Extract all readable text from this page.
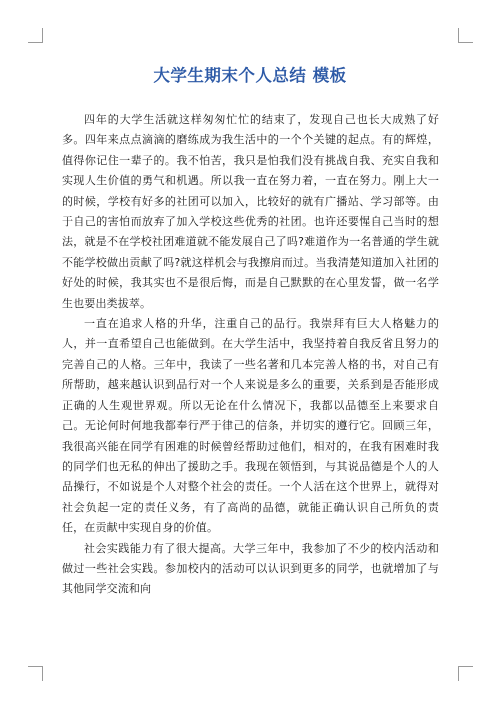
大学生期末个人总结 模板

四年的大学生活就这样匆匆忙忙的结束了，发现自己也长大成熟了好多。四年来点点滴滴的磨练成为我生活中的一个个关键的起点。有的辉煌，值得你记住一辈子的。我不怕苦，我只是怕我们没有挑战自我、充实自我和实现人生价值的勇气和机遇。所以我一直在努力着，一直在努力。刚上大一的时候，学校有好多的社团可以加入，比较好的就有广播站、学习部等。由于自己的害怕而放弃了加入学校这些优秀的社团。也许还要惺自己当时的想法，就是不在学校社团难道就不能发展自己了吗?难道作为一名普通的学生就不能学校做出贡献了吗?就这样机会与我擦肩而过。当我清楚知道加入社团的好处的时候，我其实也不是很后悔，而是自己默默的在心里发誓，做一名学生也要出类拔萃。

一直在追求人格的升华，注重自己的品行。我崇拜有巨大人格魅力的人，并一直希望自己也能做到。在大学生活中，我坚持着自我反省且努力的完善自己的人格。三年中，我读了一些名著和几本完善人格的书，对自己有所帮助，越来越认识到品行对一个人来说是多么的重要，关系到是否能形成正确的人生观世界观。所以无论在什么情况下，我都以品德至上来要求自己。无论何时何地我都奉行严于律己的信条，并切实的遵行它。回顾三年，我很高兴能在同学有困难的时候曾经帮助过他们，相对的，在我有困难时我的同学们也无私的伸出了援助之手。我现在领悟到，与其说品德是个人的人品操行，不如说是个人对整个社会的责任。一个人活在这个世界上，就得对社会负起一定的责任义务，有了高尚的品德，就能正确认识自己所负的责任，在贡献中实现自身的价值。

社会实践能力有了很大提高。大学三年中，我参加了不少的校内活动和做过一些社会实践。参加校内的活动可以认识到更多的同学，也就增加了与其他同学交流和向
